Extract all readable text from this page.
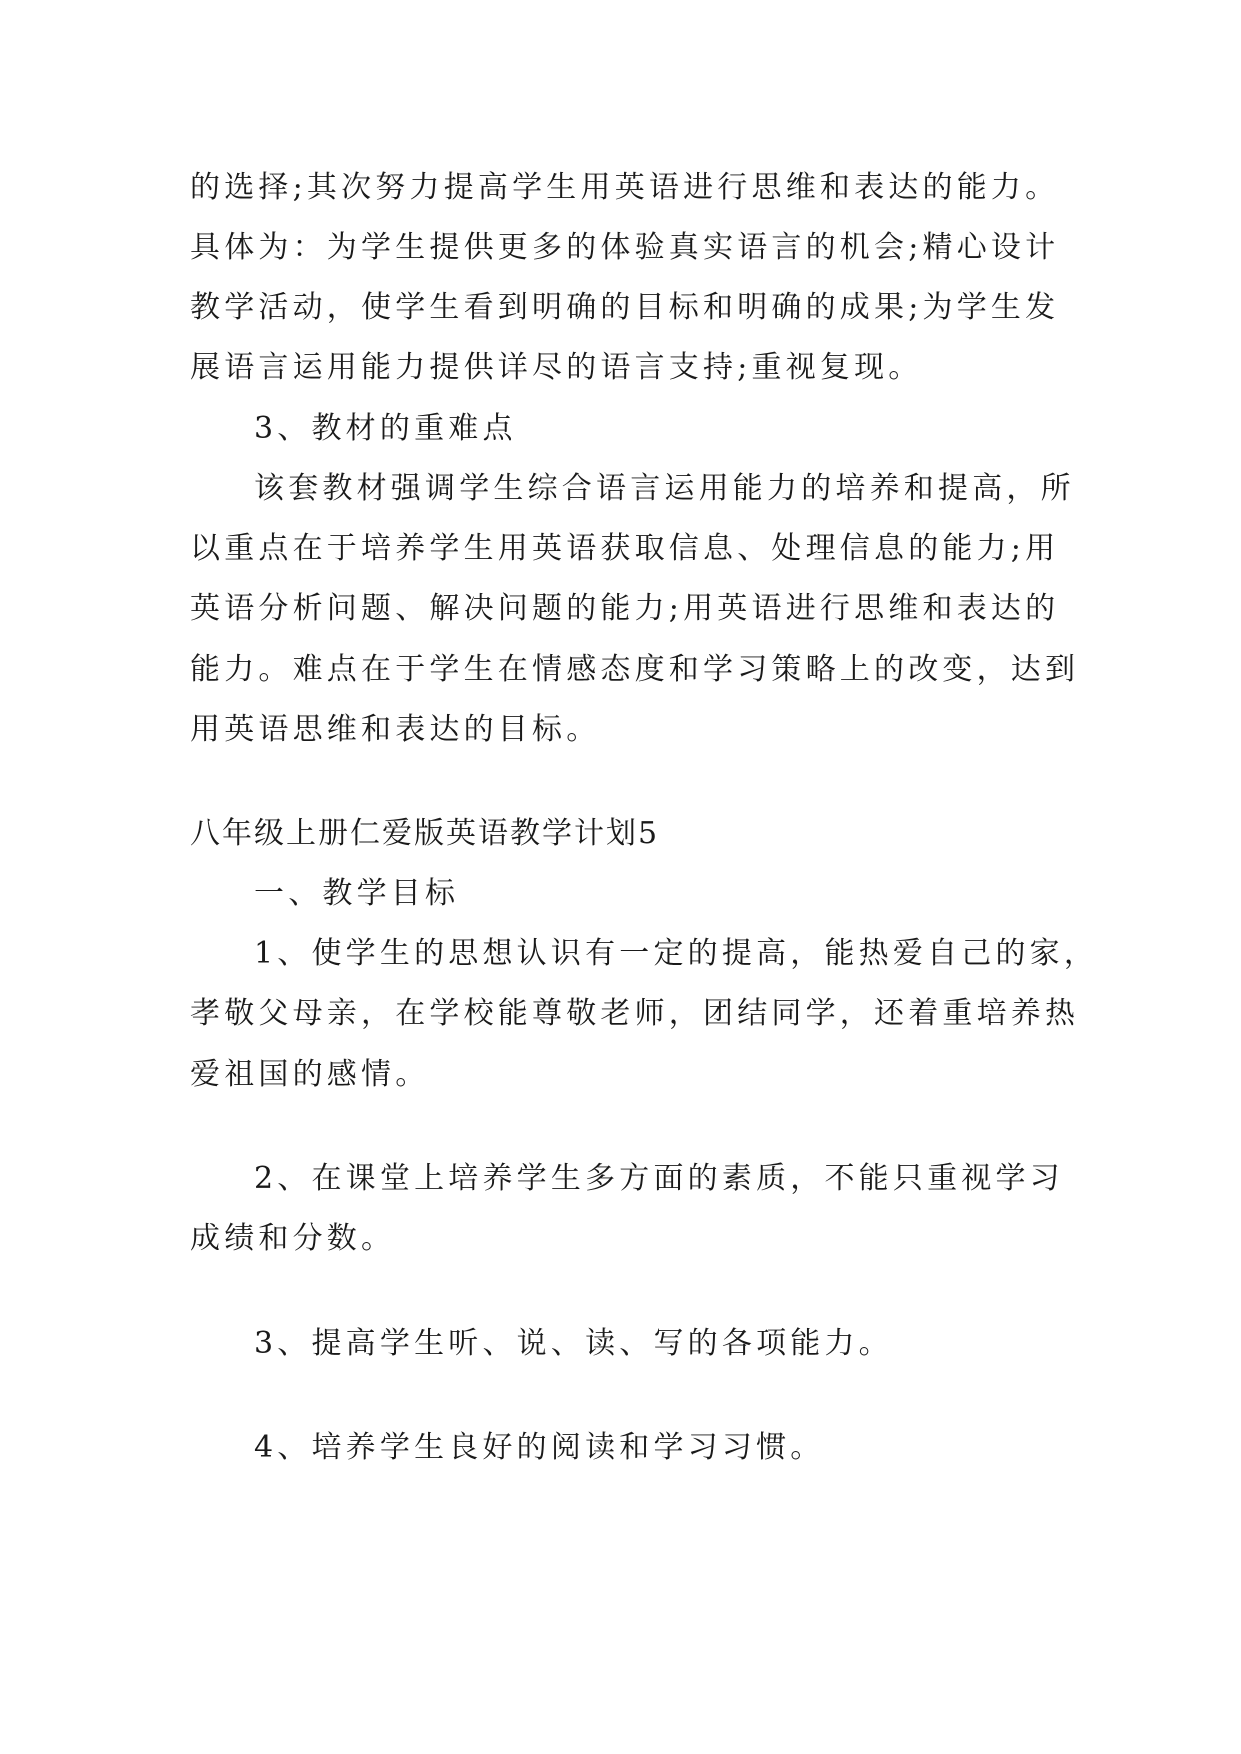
的选择;其次努力提高学生用英语进行思维和表达的能力。

具体为：为学生提供更多的体验真实语言的机会;精心设计

教学活动，使学生看到明确的目标和明确的成果;为学生发

展语言运用能力提供详尽的语言支持;重视复现。

3、教材的重难点

该套教材强调学生综合语言运用能力的培养和提高，所

以重点在于培养学生用英语获取信息、处理信息的能力;用

英语分析问题、解决问题的能力;用英语进行思维和表达的

能力。难点在于学生在情感态度和学习策略上的改变，达到

用英语思维和表达的目标。

八年级上册仁爱版英语教学计划5

一、教学目标

1、使学生的思想认识有一定的提高，能热爱自己的家，

孝敬父母亲，在学校能尊敬老师，团结同学，还着重培养热

爱祖国的感情。

2、在课堂上培养学生多方面的素质，不能只重视学习

成绩和分数。

3、提高学生听、说、读、写的各项能力。

4、培养学生良好的阅读和学习习惯。
